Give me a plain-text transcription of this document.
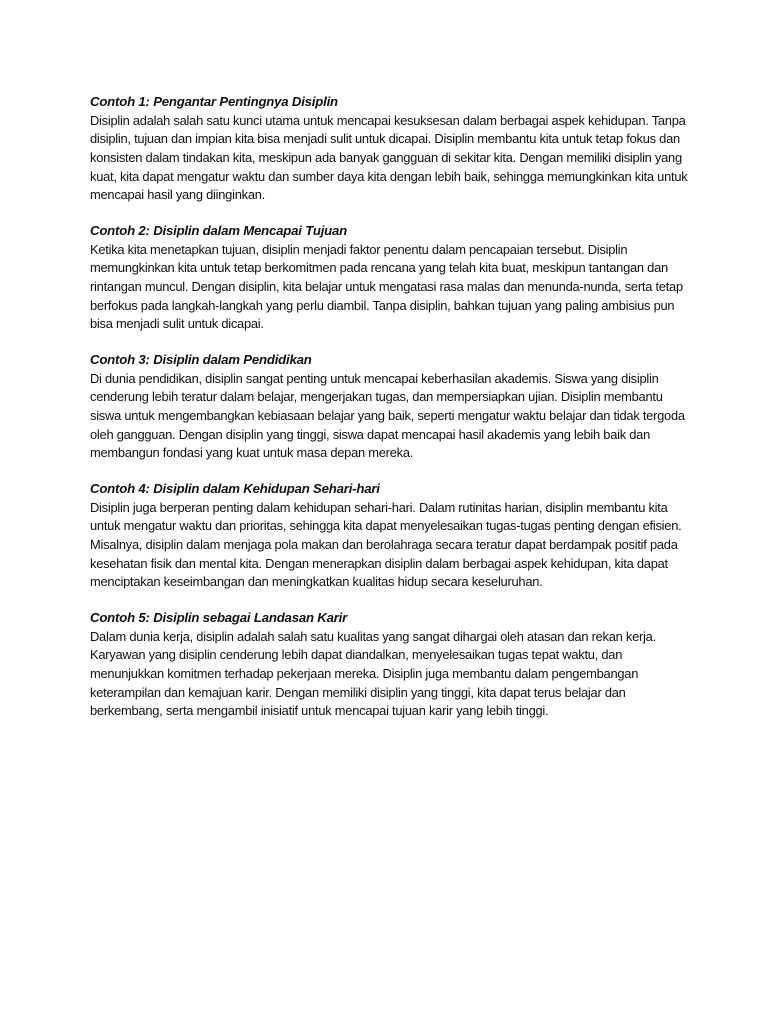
Contoh 1: Pengantar Pentingnya Disiplin

Disiplin adalah salah satu kunci utama untuk mencapai kesuksesan dalam berbagai aspek kehidupan. Tanpa disiplin, tujuan dan impian kita bisa menjadi sulit untuk dicapai. Disiplin membantu kita untuk tetap fokus dan konsisten dalam tindakan kita, meskipun ada banyak gangguan di sekitar kita. Dengan memiliki disiplin yang kuat, kita dapat mengatur waktu dan sumber daya kita dengan lebih baik, sehingga memungkinkan kita untuk mencapai hasil yang diinginkan.

Contoh 2: Disiplin dalam Mencapai Tujuan

Ketika kita menetapkan tujuan, disiplin menjadi faktor penentu dalam pencapaian tersebut. Disiplin memungkinkan kita untuk tetap berkomitmen pada rencana yang telah kita buat, meskipun tantangan dan rintangan muncul. Dengan disiplin, kita belajar untuk mengatasi rasa malas dan menunda-nunda, serta tetap berfokus pada langkah-langkah yang perlu diambil. Tanpa disiplin, bahkan tujuan yang paling ambisius pun bisa menjadi sulit untuk dicapai.

Contoh 3: Disiplin dalam Pendidikan

Di dunia pendidikan, disiplin sangat penting untuk mencapai keberhasilan akademis. Siswa yang disiplin cenderung lebih teratur dalam belajar, mengerjakan tugas, dan mempersiapkan ujian. Disiplin membantu siswa untuk mengembangkan kebiasaan belajar yang baik, seperti mengatur waktu belajar dan tidak tergoda oleh gangguan. Dengan disiplin yang tinggi, siswa dapat mencapai hasil akademis yang lebih baik dan membangun fondasi yang kuat untuk masa depan mereka.

Contoh 4: Disiplin dalam Kehidupan Sehari-hari

Disiplin juga berperan penting dalam kehidupan sehari-hari. Dalam rutinitas harian, disiplin membantu kita untuk mengatur waktu dan prioritas, sehingga kita dapat menyelesaikan tugas-tugas penting dengan efisien. Misalnya, disiplin dalam menjaga pola makan dan berolahraga secara teratur dapat berdampak positif pada kesehatan fisik dan mental kita. Dengan menerapkan disiplin dalam berbagai aspek kehidupan, kita dapat menciptakan keseimbangan dan meningkatkan kualitas hidup secara keseluruhan.

Contoh 5: Disiplin sebagai Landasan Karir

Dalam dunia kerja, disiplin adalah salah satu kualitas yang sangat dihargai oleh atasan dan rekan kerja. Karyawan yang disiplin cenderung lebih dapat diandalkan, menyelesaikan tugas tepat waktu, dan menunjukkan komitmen terhadap pekerjaan mereka. Disiplin juga membantu dalam pengembangan keterampilan dan kemajuan karir. Dengan memiliki disiplin yang tinggi, kita dapat terus belajar dan berkembang, serta mengambil inisiatif untuk mencapai tujuan karir yang lebih tinggi.
